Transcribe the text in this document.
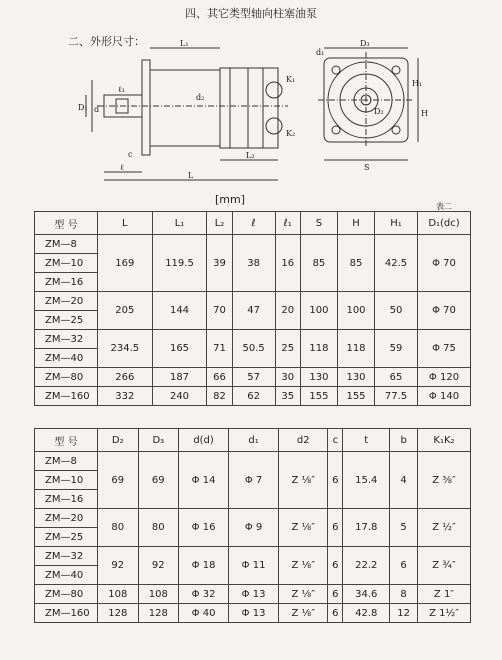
四、其它类型轴向柱塞油泵
二、外形尺寸：	L₁
L₂
ℓ
L
c
ℓ₁
D₁ d
d₂
K₁
K₂
d₁
D₃
H₁
H
S
D₂
[mm]
表二
型 号	L	L₁	L₂	ℓ	ℓ₁	S	H	H₁	D₁(dc)
ZM—8	169	119.5	39	38	16	85	85	42.5	Φ 70
ZM—10									
ZM—16									
ZM—20	205	144	70	47	20	100	100	50	Φ 70
ZM—25									
ZM—32	234.5	165	71	50.5	25	118	118	59	Φ 75
ZM—40									
ZM—80	266	187	66	57	30	130	130	65	Φ 120
ZM—160	332	240	82	62	35	155	155	77.5	Φ 140
型 号	D₂	D₃	d(d)	d₁	d2	c	t	b	K₁K₂
ZM—8	69	69	Φ 14	Φ 7	Z ⅛″	6	15.4	4	Z ⅜″
ZM—10									
ZM—16									
ZM—20	80	80	Φ 16	Φ 9	Z ⅛″	6	17.8	5	Z ½″
ZM—25									
ZM—32	92	92	Φ 18	Φ 11	Z ⅛″	6	22.2	6	Z ¾″
ZM—40									
ZM—80	108	108	Φ 32	Φ 13	Z ⅛″	6	34.6	8	Z 1″
ZM—160	128	128	Φ 40	Φ 13	Z ⅛″	6	42.8	12	Z 1½″
